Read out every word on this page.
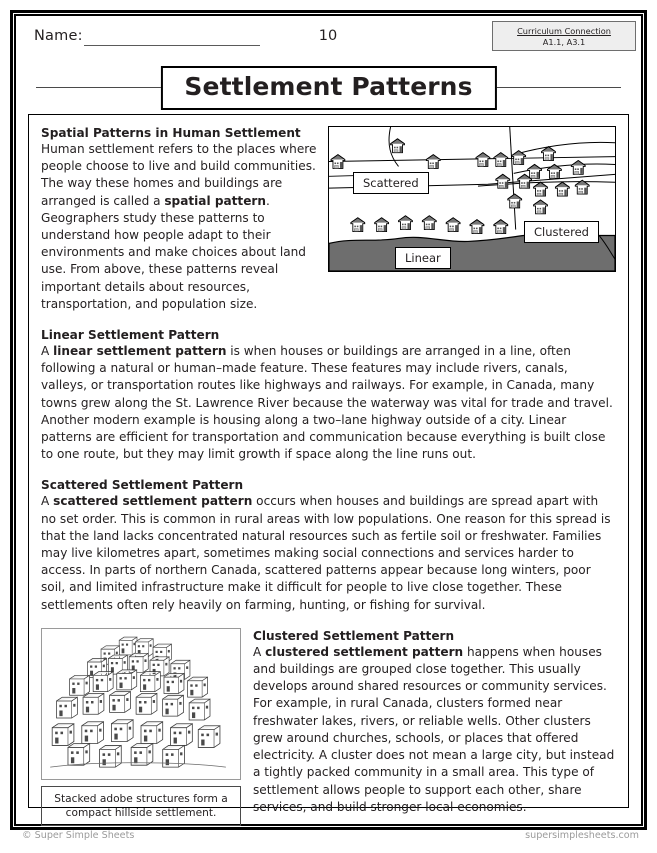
Name:	10	Curriculum Connection
A1.1, A3.1
Settlement Patterns
Scattered
Clustered
Linear
Spatial Patterns in Human Settlement

Human settlement refers to the places where people choose to live and build communities. The way these homes and buildings are arranged is called a spatial pattern. Geographers study these patterns to understand how people adapt to their environments and make choices about land use. From above, these patterns reveal important details about resources, transportation, and population size.

Linear Settlement Pattern

A linear settlement pattern is when houses or buildings are arranged in a line, often following a natural or human–made feature. These features may include rivers, canals, valleys, or transportation routes like highways and railways. For example, in Canada, many towns grew along the St. Lawrence River because the waterway was vital for trade and travel. Another modern example is housing along a two–lane highway outside of a city. Linear patterns are efficient for transportation and communication because everything is built close to one route, but they may limit growth if space along the line runs out.

Scattered Settlement Pattern

A scattered settlement pattern occurs when houses and buildings are spread apart with no set order. This is common in rural areas with low populations. One reason for this spread is that the land lacks concentrated natural resources such as fertile soil or freshwater. Families may live kilometres apart, sometimes making social connections and services harder to access. In parts of northern Canada, scattered patterns appear because long winters, poor soil, and limited infrastructure make it difficult for people to live close together. These settlements often rely heavily on farming, hunting, or fishing for survival.

Stacked adobe structures form a compact hillside settlement.
Clustered Settlement Pattern

A clustered settlement pattern happens when houses and buildings are grouped close together. This usually develops around shared resources or community services. For example, in rural Canada, clusters formed near freshwater lakes, rivers, or reliable wells. Other clusters grew around churches, schools, or places that offered electricity. A cluster does not mean a large city, but instead a tightly packed community in a small area. This type of settlement allows people to support each other, share services, and build stronger local economies.

© Super Simple Sheets	supersimplesheets.com
